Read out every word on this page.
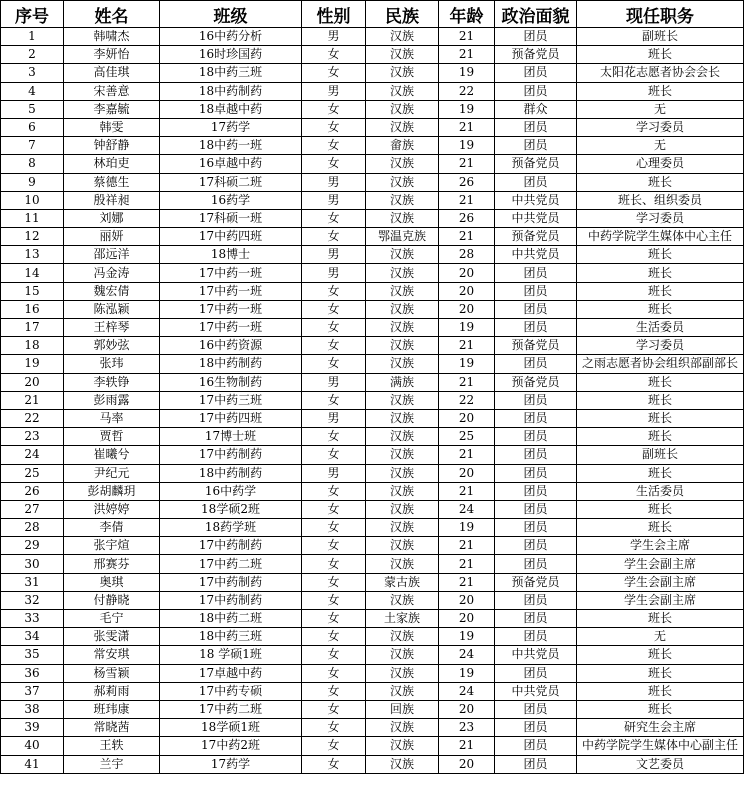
序号	姓名	班级	性别	民族	年龄	政治面貌	现任职务
1	韩啸杰	16中药分析	男	汉族	21	团员	副班长
2	李妍怡	16时珍国药	女	汉族	21	预备党员	班长
3	高佳琪	18中药三班	女	汉族	19	团员	太阳花志愿者协会会长
4	宋善意	18中药制药	男	汉族	22	团员	班长
5	李嘉毓	18卓越中药	女	汉族	19	群众	无
6	韩雯	17药学	女	汉族	21	团员	学习委员
7	钟舒静	18中药一班	女	畲族	19	团员	无
8	林珀吏	16卓越中药	女	汉族	21	预备党员	心理委员
9	蔡德生	17科硕二班	男	汉族	26	团员	班长
10	殷祥昶	16药学	男	汉族	21	中共党员	班长、组织委员
11	刘娜	17科硕一班	女	汉族	26	中共党员	学习委员
12	丽妍	17中药四班	女	鄂温克族	21	预备党员	中药学院学生媒体中心主任
13	邵远洋	18博士	男	汉族	28	中共党员	班长
14	冯金涛	17中药一班	男	汉族	20	团员	班长
15	魏宏倩	17中药一班	女	汉族	20	团员	班长
16	陈泓颖	17中药一班	女	汉族	20	团员	班长
17	王梓琴	17中药一班	女	汉族	19	团员	生活委员
18	郭妙弦	16中药资源	女	汉族	21	预备党员	学习委员
19	张玮	18中药制药	女	汉族	19	团员	之雨志愿者协会组织部副部长
20	李轶铮	16生物制药	男	满族	21	预备党员	班长
21	彭雨露	17中药三班	女	汉族	22	团员	班长
22	马率	17中药四班	男	汉族	20	团员	班长
23	贾哲	17博士班	女	汉族	25	团员	班长
24	崔曦兮	17中药制药	女	汉族	21	团员	副班长
25	尹纪元	18中药制药	男	汉族	20	团员	班长
26	彭胡麟玥	16中药学	女	汉族	21	团员	生活委员
27	洪婷婷	18学硕2班	女	汉族	24	团员	班长
28	李倩	18药学班	女	汉族	19	团员	班长
29	张宇煊	17中药制药	女	汉族	21	团员	学生会主席
30	邢赛芬	17中药二班	女	汉族	21	团员	学生会副主席
31	奥琪	17中药制药	女	蒙古族	21	预备党员	学生会副主席
32	付静晓	17中药制药	女	汉族	20	团员	学生会副主席
33	毛宁	18中药二班	女	土家族	20	团员	班长
34	张雯潇	18中药三班	女	汉族	19	团员	无
35	常安琪	18 学硕1班	女	汉族	24	中共党员	班长
36	杨雪颖	17卓越中药	女	汉族	19	团员	班长
37	郝莉雨	17中药专硕	女	汉族	24	中共党员	班长
38	班玮康	17中药二班	女	回族	20	团员	班长
39	常晓茜	18学硕1班	女	汉族	23	团员	研究生会主席
40	王轶	17中药2班	女	汉族	21	团员	中药学院学生媒体中心副主任
41	兰宇	17药学	女	汉族	20	团员	文艺委员
